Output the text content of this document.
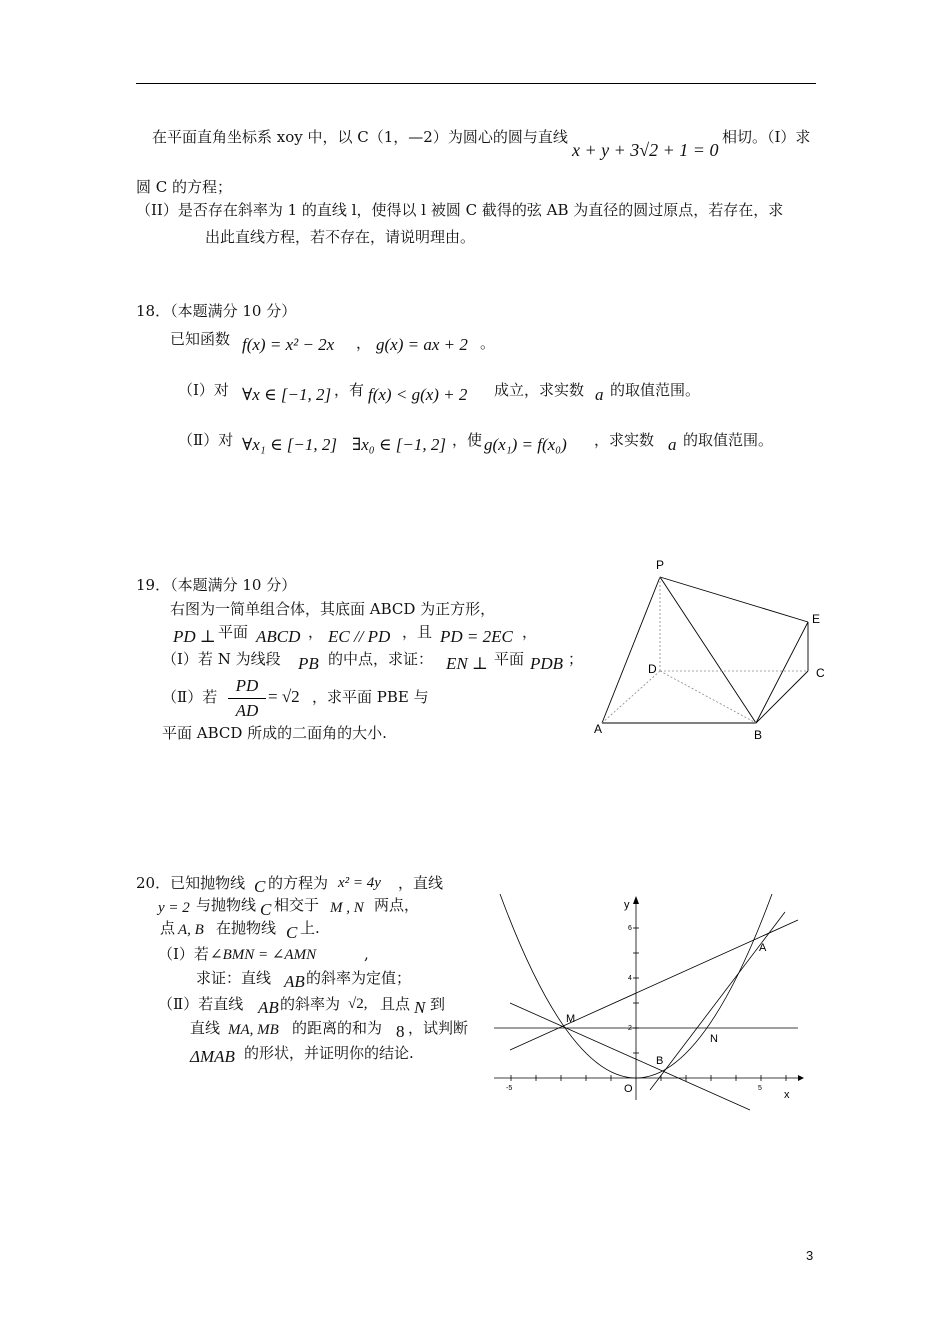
在平面直角坐标系 xoy 中，以 C（1，—2）为圆心的圆与直线
x + y + 3√2 + 1 = 0
相切。（I）求
圆 C 的方程；
（II）是否存在斜率为 1 的直线 l，使得以 l 被圆 C 截得的弦 AB 为直径的圆过原点，若存在，求
出此直线方程，若不存在，请说明理由。
18．（本题满分 10 分）
已知函数 f(x) = x² − 2x ， g(x) = ax + 2 。
（Ⅰ）对 ∀x ∈ [−1, 2] ，有 f(x) < g(x) + 2 成立，求实数 a 的取值范围。
（Ⅱ）对 ∀x₁ ∈ [−1, 2] ∃x₀ ∈ [−1, 2] ，使 g(x₁) = f(x₀) ，求实数 a 的取值范围。
19．（本题满分 10 分）
右图为一简单组合体，其底面 ABCD 为正方形，
PD ⊥ 平面 ABCD ， EC // PD ，且 PD = 2EC ，
（Ⅰ）若 N 为线段 PB 的中点，求证： EN ⊥ 平面 PDB ；
（Ⅱ）若
PD
AD
= √2 ，求平面 PBE 与
平面 ABCD 所成的二面角的大小.
P
E
D	C
A	B
20．已知抛物线 C 的方程为 x² = 4y ，直线
y = 2 与抛物线 C 相交于 M , N 两点，
点 A, B 在抛物线 C 上.
（Ⅰ）若 ∠BMN = ∠AMN	,
求证：直线 AB 的斜率为定值；
（Ⅱ）若直线 AB 的斜率为 √2, 且点 N 到
直线 MA, MB 的距离的和为 8 ，试判断
ΔMAB 的形状，并证明你的结论.
y
x
O
-5	5
2
4
6
A
B
M
N
3
